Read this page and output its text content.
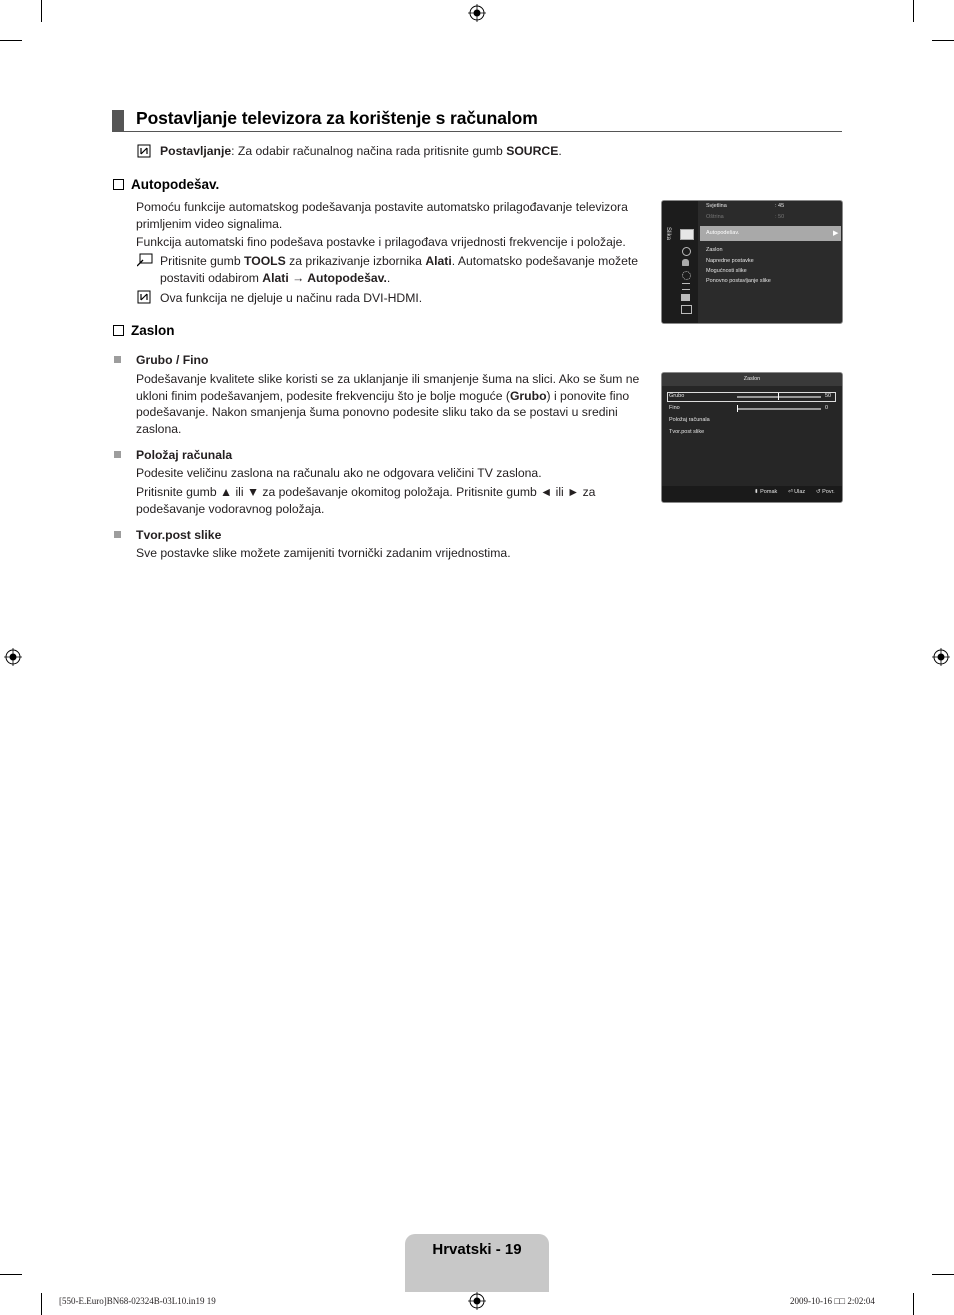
Postavljanje televizora za korištenje s računalom
Postavljanje: Za odabir računalnog načina rada pritisnite gumb SOURCE.
Autopodešav.
Pomoću funkcije automatskog podešavanja postavite automatsko prilagođavanje televizora primljenim video signalima.
Funkcija automatski fino podešava postavke i prilagođava vrijednosti frekvencije i položaje.
Pritisnite gumb TOOLS za prikazivanje izbornika Alati. Automatsko podešavanje možete postaviti odabirom Alati → Autopodešav..
Ova funkcija ne djeluje u načinu rada DVI-HDMI.
Zaslon
Grubo / Fino
Podešavanje kvalitete slike koristi se za uklanjanje ili smanjenje šuma na slici. Ako se šum ne ukloni finim podešavanjem, podesite frekvenciju što je bolje moguće (Grubo) i ponovite fino podešavanje. Nakon smanjenja šuma ponovno podesite sliku tako da se postavi u sredini zaslona.
Položaj računala
Podesite veličinu zaslona na računalu ako ne odgovara veličini TV zaslona.
Pritisnite gumb ▲ ili ▼ za podešavanje okomitog položaja. Pritisnite gumb ◄ ili ► za podešavanje vodoravnog položaja.
Tvor.post slike
Sve postavke slike možete zamijeniti tvornički zadanim vrijednostima.
Slika
Svjetlina	: 45
Oštrina	: 50
Autopodešav.	▶
Zaslon
Napredne postavke
Mogućnosti slike
Ponovno postavljanje slike
Zaslon
Grubo	50
Fino	0
Položaj računala
Tvor.post slike
⬍ Pomak ⏎ Ulaz ↺ Povr.
Hrvatski - 19
[550-E.Euro]BN68-02324B-03L10.in19 19	2009-10-16 □□ 2:02:04
